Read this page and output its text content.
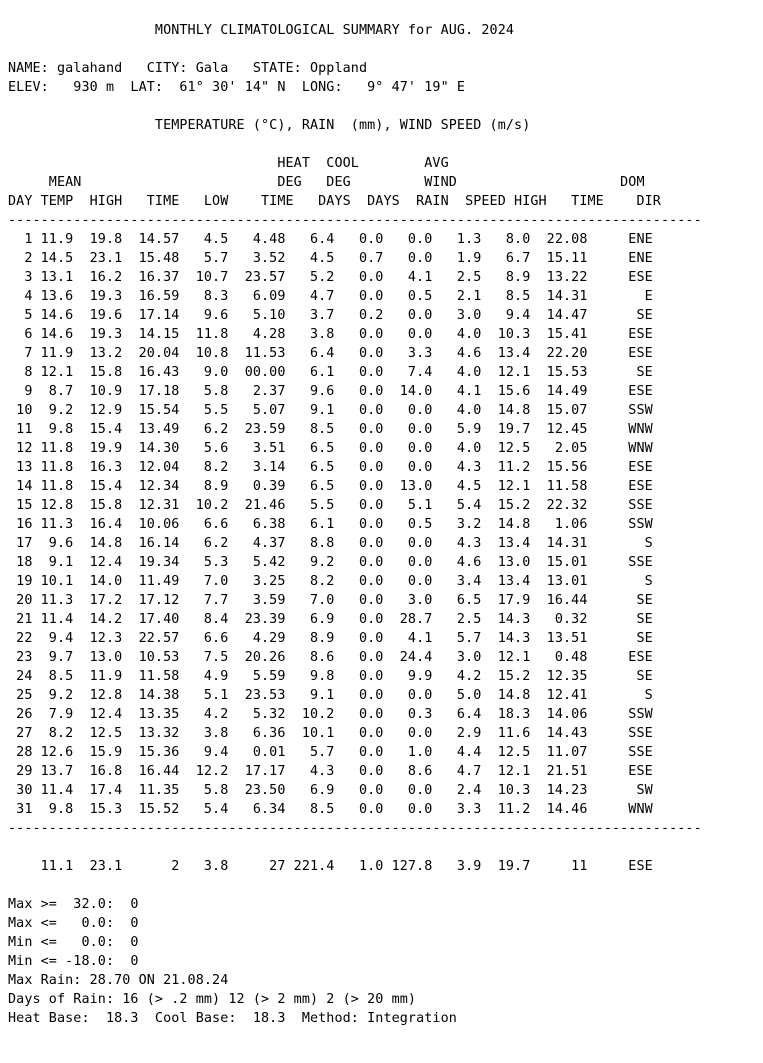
MONTHLY CLIMATOLOGICAL SUMMARY for AUG. 2024

NAME: galahand   CITY: Gala   STATE: Oppland
ELEV:   930 m  LAT:  61° 30' 14" N  LONG:   9° 47' 19" E

TEMPERATURE (°C), RAIN  (mm), WIND SPEED (m/s)

HEAT  COOL        AVG
MEAN                        DEG   DEG         WIND                    DOM
DAY TEMP  HIGH   TIME   LOW    TIME   DAYS  DAYS  RAIN  SPEED HIGH   TIME    DIR
-------------------------------------------------------------------------------------
1 11.9  19.8  14.57   4.5   4.48   6.4   0.0   0.0   1.3   8.0  22.08     ENE
2 14.5  23.1  15.48   5.7   3.52   4.5   0.7   0.0   1.9   6.7  15.11     ENE
3 13.1  16.2  16.37  10.7  23.57   5.2   0.0   4.1   2.5   8.9  13.22     ESE
4 13.6  19.3  16.59   8.3   6.09   4.7   0.0   0.5   2.1   8.5  14.31       E
5 14.6  19.6  17.14   9.6   5.10   3.7   0.2   0.0   3.0   9.4  14.47      SE
6 14.6  19.3  14.15  11.8   4.28   3.8   0.0   0.0   4.0  10.3  15.41     ESE
7 11.9  13.2  20.04  10.8  11.53   6.4   0.0   3.3   4.6  13.4  22.20     ESE
8 12.1  15.8  16.43   9.0  00.00   6.1   0.0   7.4   4.0  12.1  15.53      SE
9  8.7  10.9  17.18   5.8   2.37   9.6   0.0  14.0   4.1  15.6  14.49     ESE
10  9.2  12.9  15.54   5.5   5.07   9.1   0.0   0.0   4.0  14.8  15.07     SSW
11  9.8  15.4  13.49   6.2  23.59   8.5   0.0   0.0   5.9  19.7  12.45     WNW
12 11.8  19.9  14.30   5.6   3.51   6.5   0.0   0.0   4.0  12.5   2.05     WNW
13 11.8  16.3  12.04   8.2   3.14   6.5   0.0   0.0   4.3  11.2  15.56     ESE
14 11.8  15.4  12.34   8.9   0.39   6.5   0.0  13.0   4.5  12.1  11.58     ESE
15 12.8  15.8  12.31  10.2  21.46   5.5   0.0   5.1   5.4  15.2  22.32     SSE
16 11.3  16.4  10.06   6.6   6.38   6.1   0.0   0.5   3.2  14.8   1.06     SSW
17  9.6  14.8  16.14   6.2   4.37   8.8   0.0   0.0   4.3  13.4  14.31       S
18  9.1  12.4  19.34   5.3   5.42   9.2   0.0   0.0   4.6  13.0  15.01     SSE
19 10.1  14.0  11.49   7.0   3.25   8.2   0.0   0.0   3.4  13.4  13.01       S
20 11.3  17.2  17.12   7.7   3.59   7.0   0.0   3.0   6.5  17.9  16.44      SE
21 11.4  14.2  17.40   8.4  23.39   6.9   0.0  28.7   2.5  14.3   0.32      SE
22  9.4  12.3  22.57   6.6   4.29   8.9   0.0   4.1   5.7  14.3  13.51      SE
23  9.7  13.0  10.53   7.5  20.26   8.6   0.0  24.4   3.0  12.1   0.48     ESE
24  8.5  11.9  11.58   4.9   5.59   9.8   0.0   9.9   4.2  15.2  12.35      SE
25  9.2  12.8  14.38   5.1  23.53   9.1   0.0   0.0   5.0  14.8  12.41       S
26  7.9  12.4  13.35   4.2   5.32  10.2   0.0   0.3   6.4  18.3  14.06     SSW
27  8.2  12.5  13.32   3.8   6.36  10.1   0.0   0.0   2.9  11.6  14.43     SSE
28 12.6  15.9  15.36   9.4   0.01   5.7   0.0   1.0   4.4  12.5  11.07     SSE
29 13.7  16.8  16.44  12.2  17.17   4.3   0.0   8.6   4.7  12.1  21.51     ESE
30 11.4  17.4  11.35   5.8  23.50   6.9   0.0   0.0   2.4  10.3  14.23      SW
31  9.8  15.3  15.52   5.4   6.34   8.5   0.0   0.0   3.3  11.2  14.46     WNW
-------------------------------------------------------------------------------------

11.1  23.1      2   3.8     27 221.4   1.0 127.8   3.9  19.7     11     ESE

Max >=  32.0:  0
Max <=   0.0:  0
Min <=   0.0:  0
Min <= -18.0:  0
Max Rain: 28.70 ON 21.08.24
Days of Rain: 16 (> .2 mm) 12 (> 2 mm) 2 (> 20 mm)
Heat Base:  18.3  Cool Base:  18.3  Method: Integration
